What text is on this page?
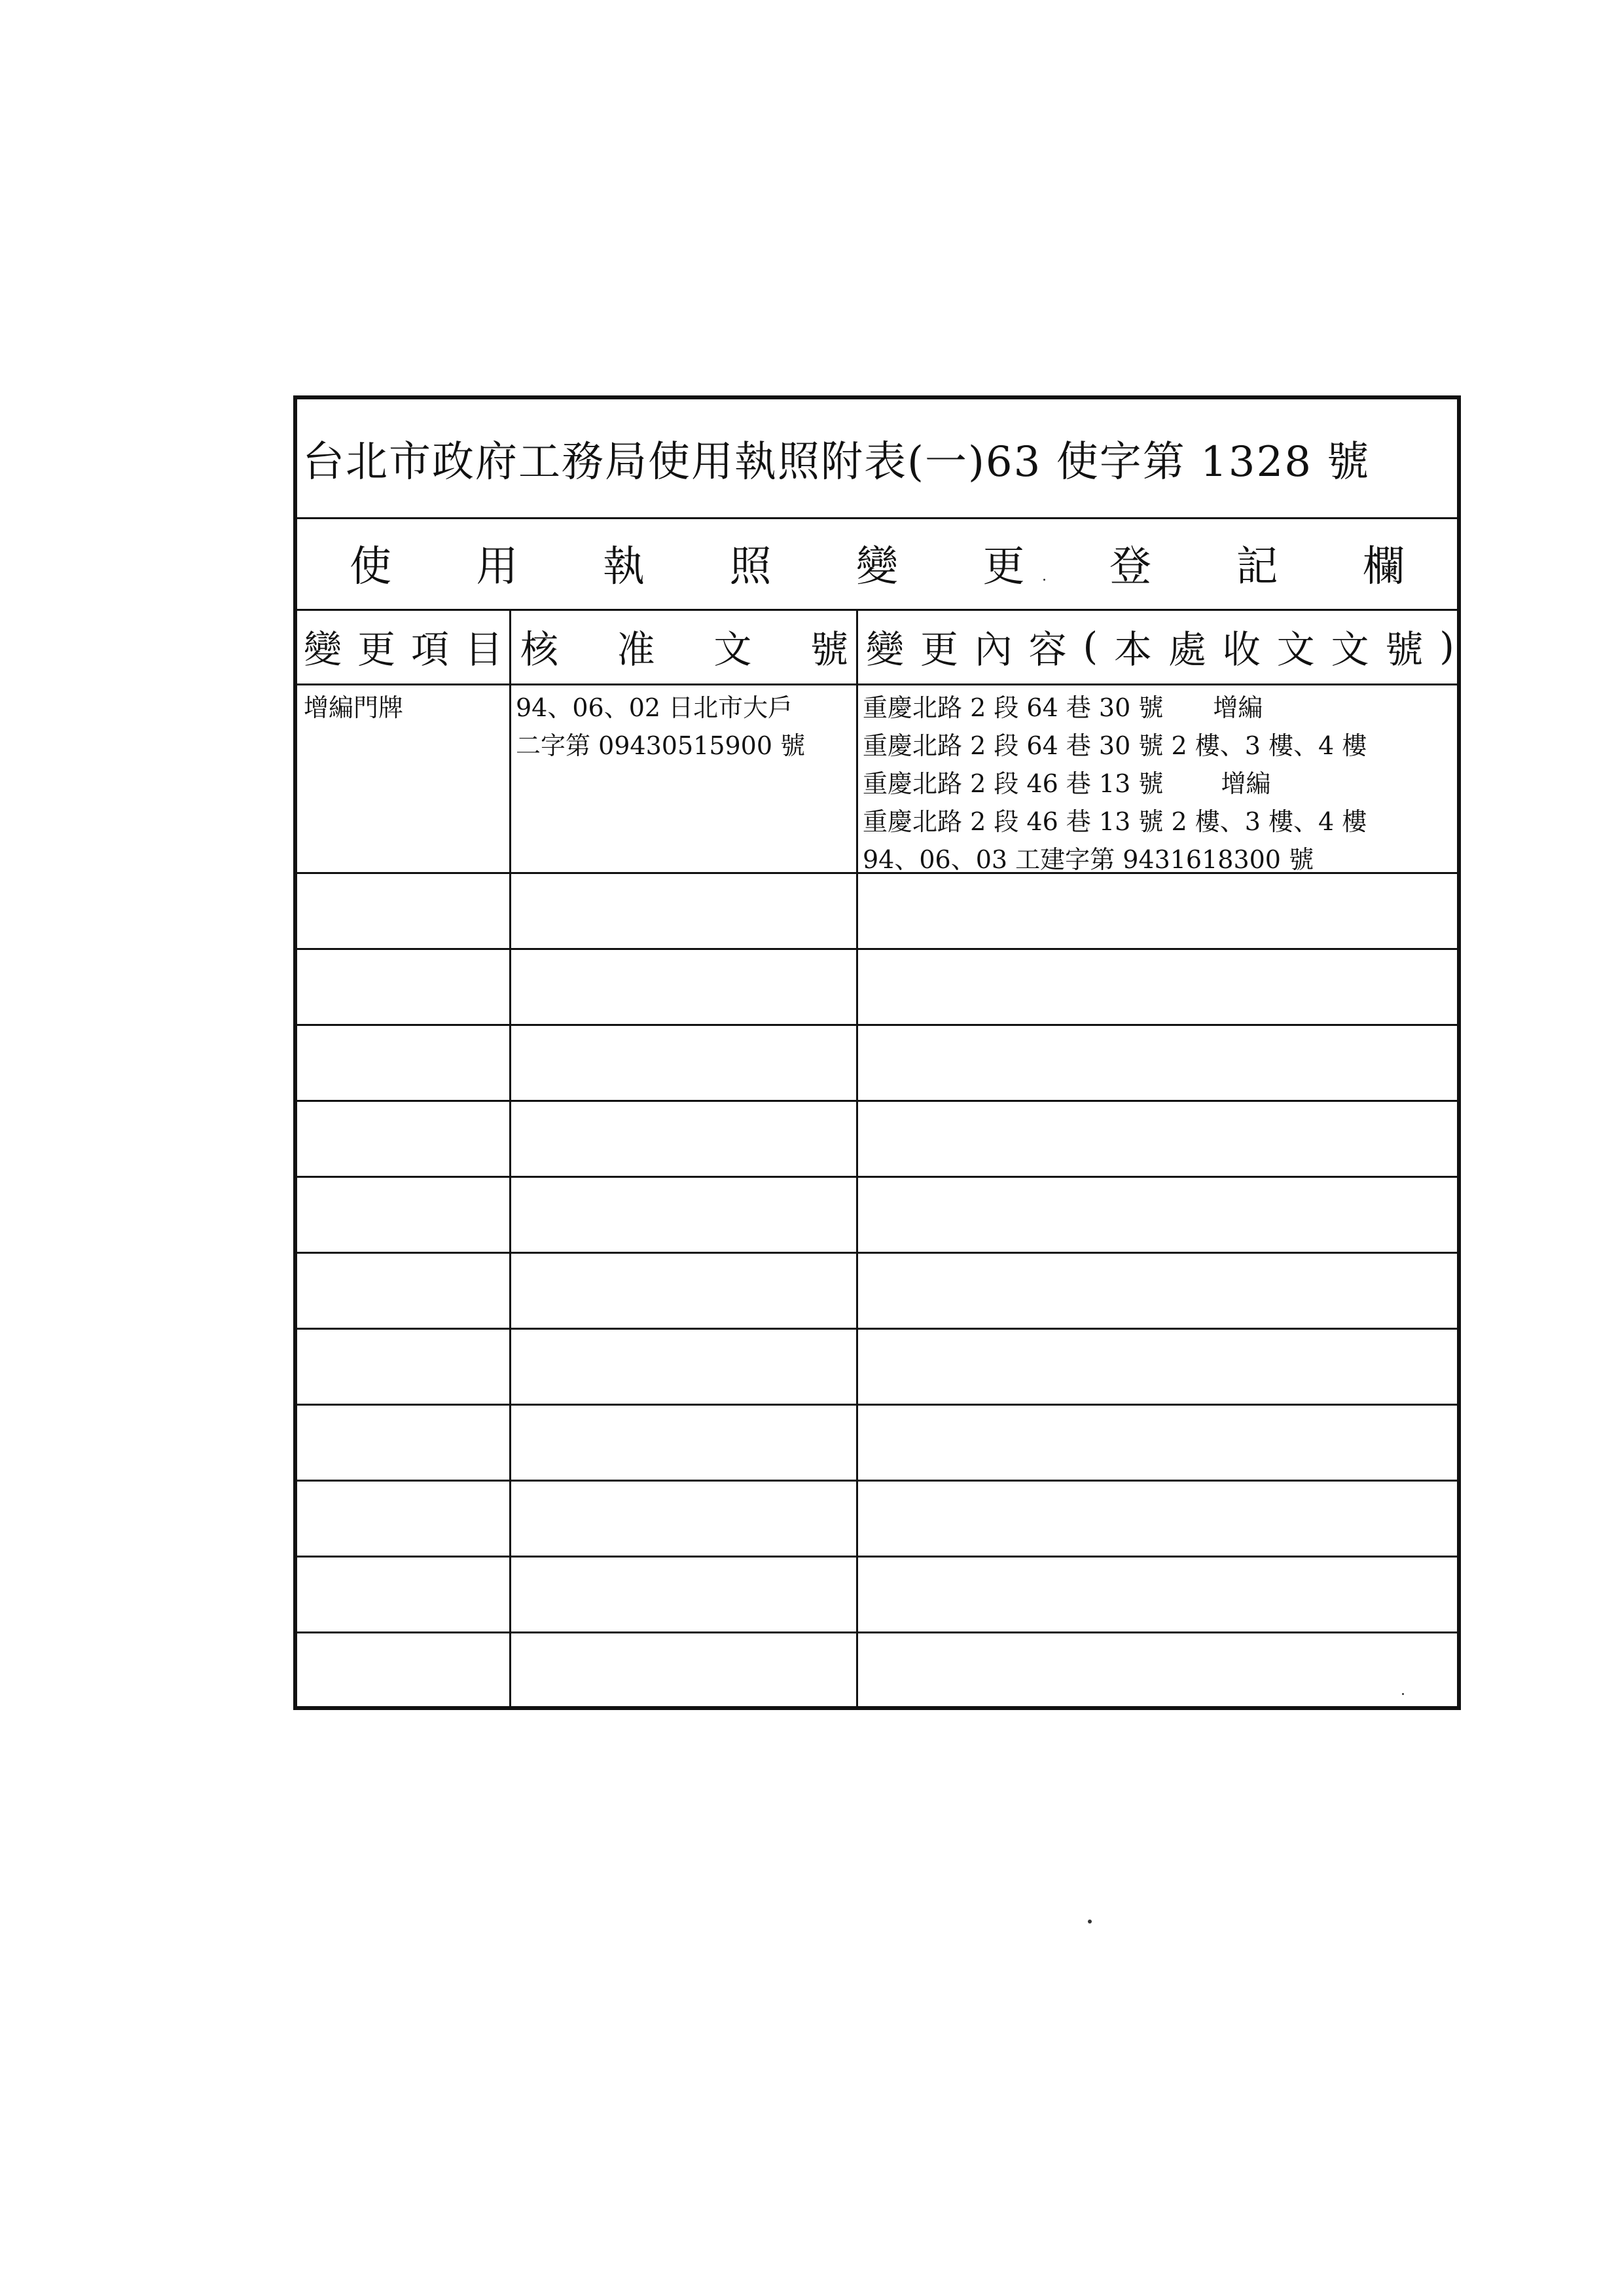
台北市政府工務局使用執照附表(一)63 使字第 1328 號
使 用 執 照 變 更 登 記 欄
變 更 項 目 核 准 文 號 變 更 內 容 ( 本 處 收 文 文 號 )
增編門牌	94、06、02 日北市大戶
二字第 09430515900 號
重慶北路 2 段 64 巷 30 號　　增編
重慶北路 2 段 64 巷 30 號 2 樓、3 樓、4 樓
重慶北路 2 段 46 巷 13 號　　 增編
重慶北路 2 段 46 巷 13 號 2 樓、3 樓、4 樓
94、06、03 工建字第 9431618300 號
